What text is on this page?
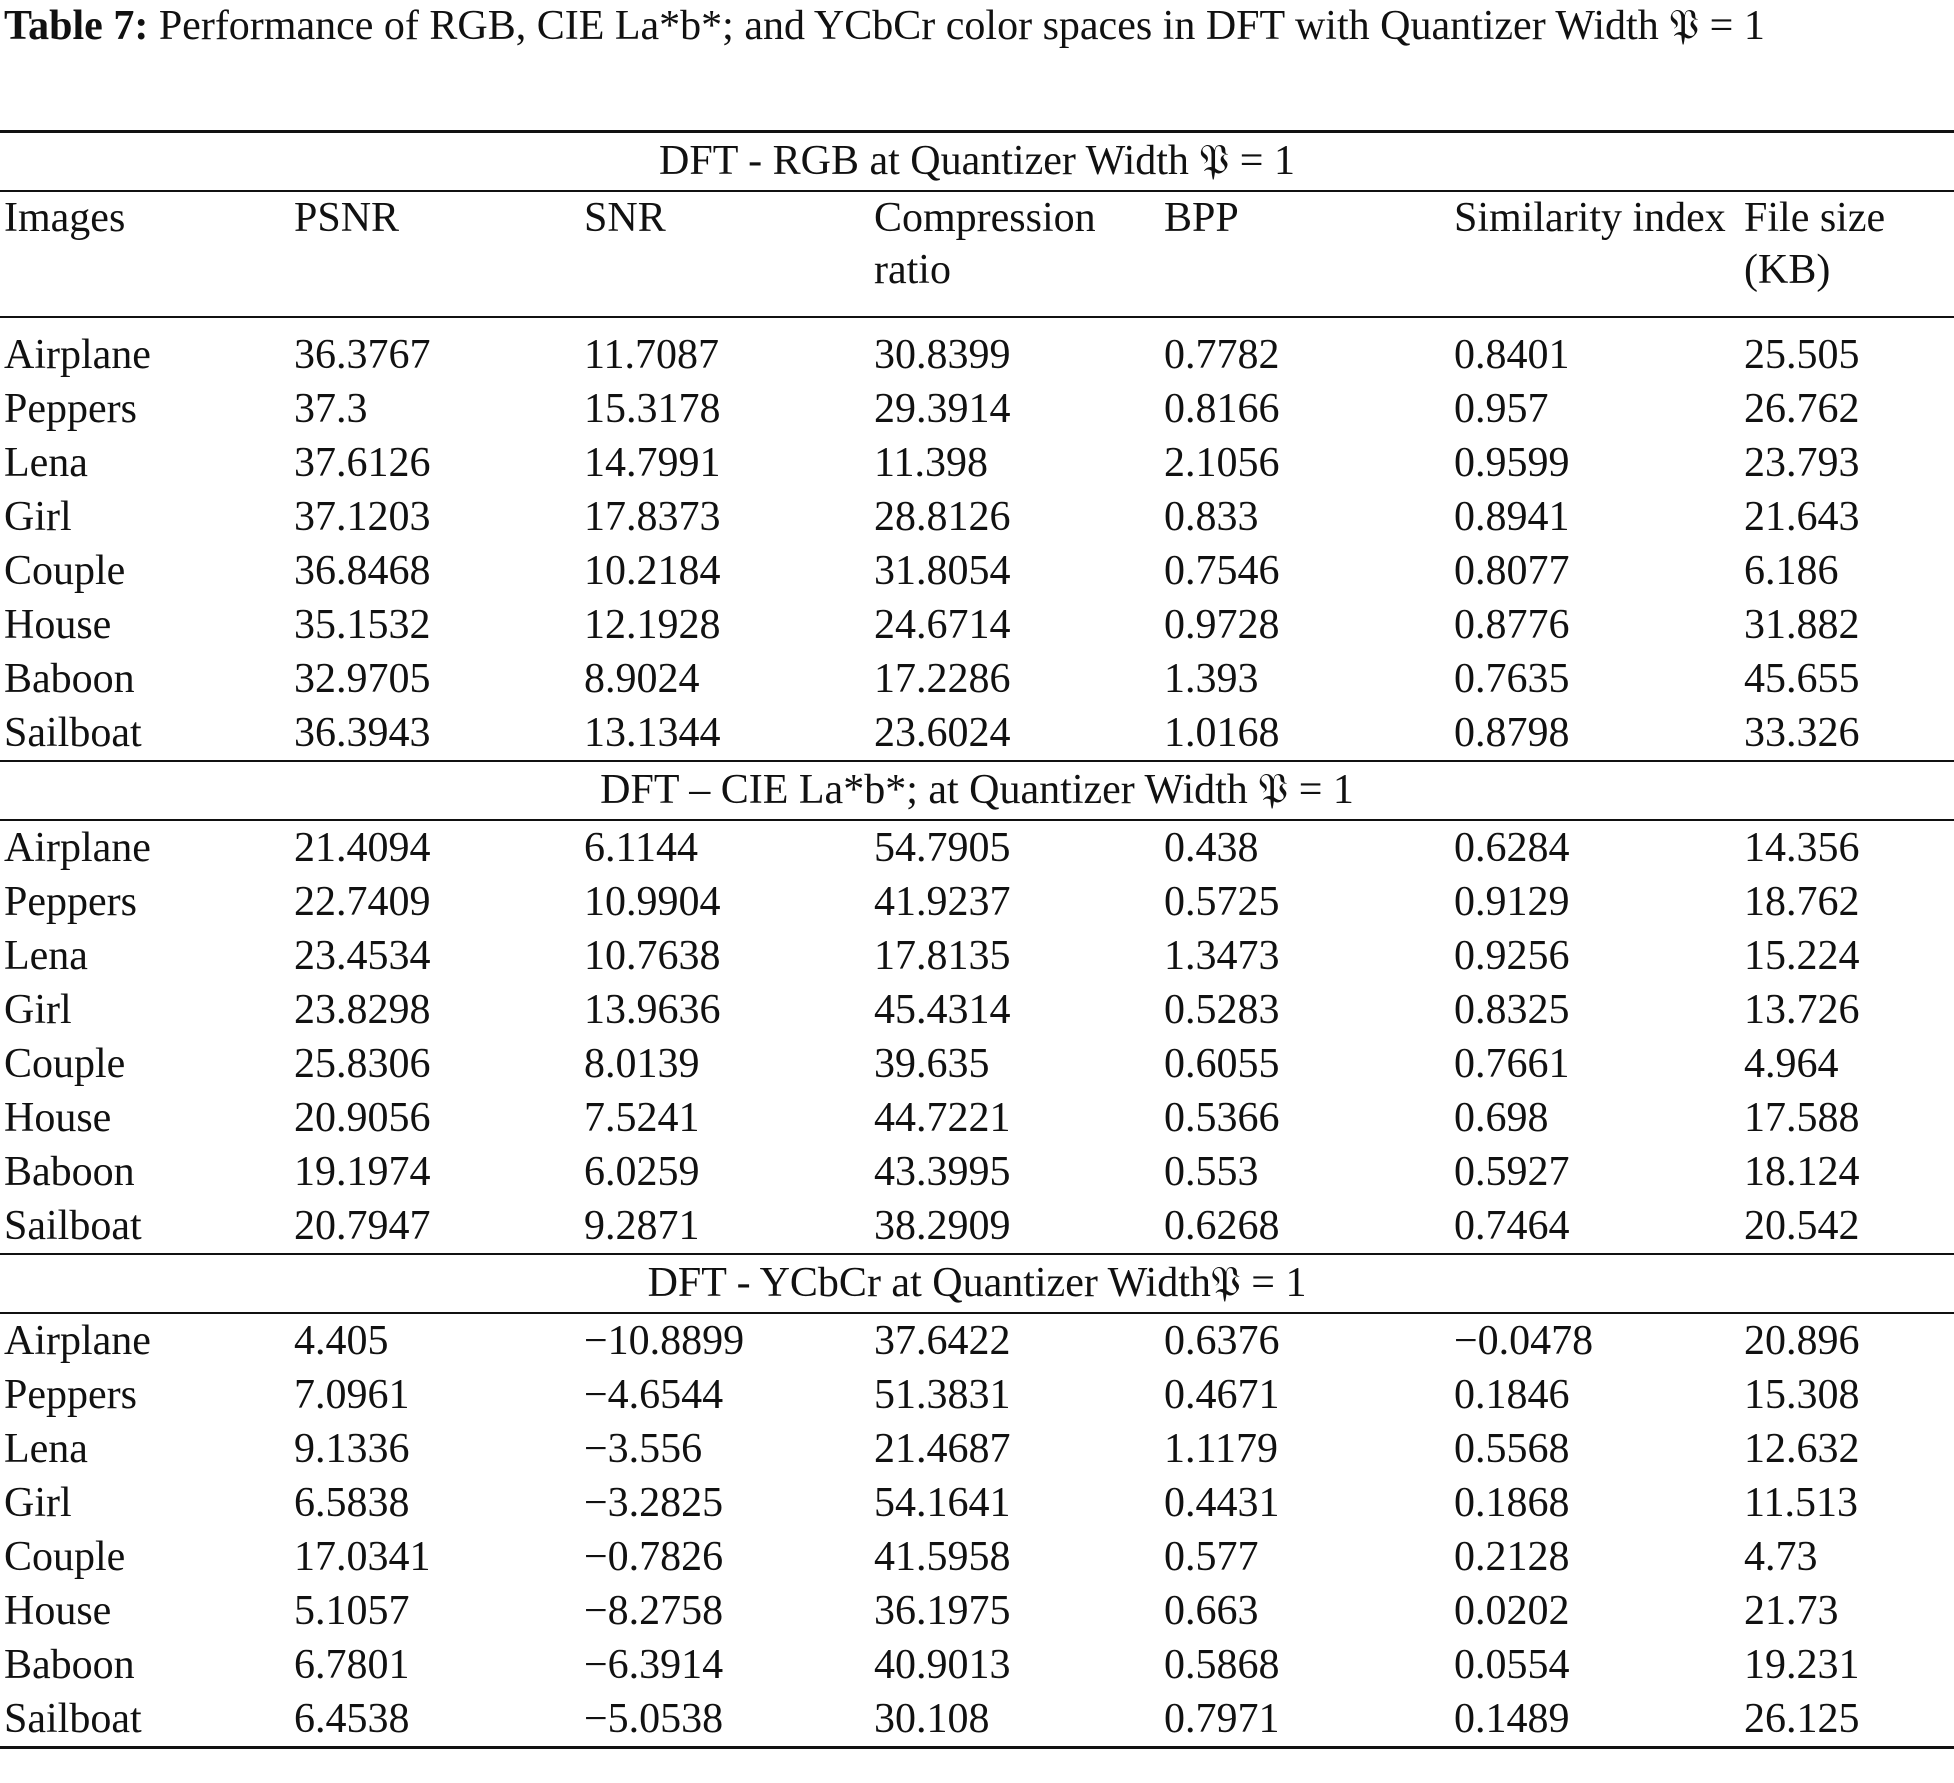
Table 7: Performance of RGB, CIE La*b*; and YCbCr color spaces in DFT with Quantizer Width 𝔓 = 1
DFT - RGB at Quantizer Width 𝔓 = 1						
Images	PSNR	SNR	Compression ratio	BPP	Similarity index	File size (KB)

Airplane	36.3767	11.7087	30.8399	0.7782	0.8401	25.505
Peppers	37.3	15.3178	29.3914	0.8166	0.957	26.762
Lena	37.6126	14.7991	11.398	2.1056	0.9599	23.793
Girl	37.1203	17.8373	28.8126	0.833	0.8941	21.643
Couple	36.8468	10.2184	31.8054	0.7546	0.8077	6.186
House	35.1532	12.1928	24.6714	0.9728	0.8776	31.882
Baboon	32.9705	8.9024	17.2286	1.393	0.7635	45.655
Sailboat	36.3943	13.1344	23.6024	1.0168	0.8798	33.326
DFT – CIE La*b*; at Quantizer Width 𝔓 = 1						
Airplane	21.4094	6.1144	54.7905	0.438	0.6284	14.356
Peppers	22.7409	10.9904	41.9237	0.5725	0.9129	18.762
Lena	23.4534	10.7638	17.8135	1.3473	0.9256	15.224
Girl	23.8298	13.9636	45.4314	0.5283	0.8325	13.726
Couple	25.8306	8.0139	39.635	0.6055	0.7661	4.964
House	20.9056	7.5241	44.7221	0.5366	0.698	17.588
Baboon	19.1974	6.0259	43.3995	0.553	0.5927	18.124
Sailboat	20.7947	9.2871	38.2909	0.6268	0.7464	20.542
DFT - YCbCr at Quantizer Width𝔓 = 1						
Airplane	4.405	−10.8899	37.6422	0.6376	−0.0478	20.896
Peppers	7.0961	−4.6544	51.3831	0.4671	0.1846	15.308
Lena	9.1336	−3.556	21.4687	1.1179	0.5568	12.632
Girl	6.5838	−3.2825	54.1641	0.4431	0.1868	11.513
Couple	17.0341	−0.7826	41.5958	0.577	0.2128	4.73
House	5.1057	−8.2758	36.1975	0.663	0.0202	21.73
Baboon	6.7801	−6.3914	40.9013	0.5868	0.0554	19.231
Sailboat	6.4538	−5.0538	30.108	0.7971	0.1489	26.125
